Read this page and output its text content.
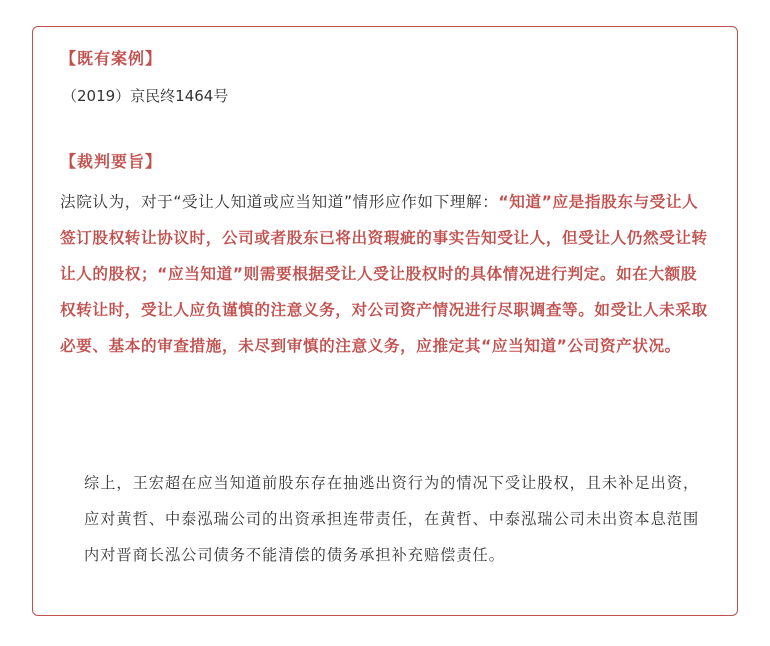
【既有案例】
（2019）京民终1464号
【裁判要旨】

法院认为，对于“受让人知道或应当知道”情形应作如下理解：“知道”应是指股东与受让人签订股权转让协议时，公司或者股东已将出资瑕疵的事实告知受让人，但受让人仍然受让转让人的股权；“应当知道”则需要根据受让人受让股权时的具体情况进行判定。如在大额股权转让时，受让人应负谨慎的注意义务，对公司资产情况进行尽职调查等。如受让人未采取必要、基本的审查措施，未尽到审慎的注意义务，应推定其“应当知道”公司资产状况。

综上，王宏超在应当知道前股东存在抽逃出资行为的情况下受让股权，且未补足出资，应对黄哲、中泰泓瑞公司的出资承担连带责任，在黄哲、中泰泓瑞公司未出资本息范围内对晋商长泓公司债务不能清偿的债务承担补充赔偿责任。
